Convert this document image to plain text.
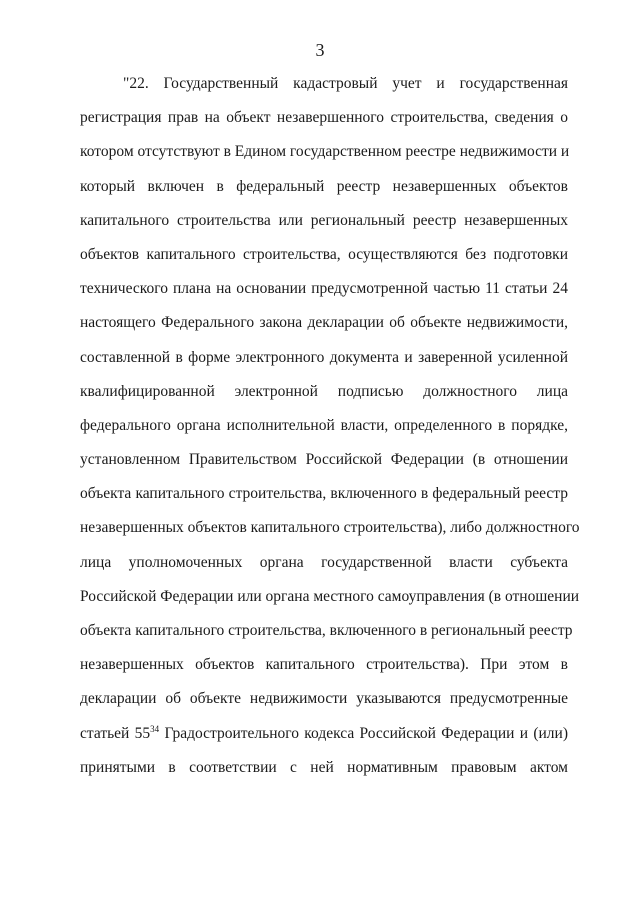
3
"22. Государственный кадастровый учет и государственная
регистрация прав на объект незавершенного строительства, сведения о
котором отсутствуют в Едином государственном реестре недвижимости и
который включен в федеральный реестр незавершенных объектов
капитального строительства или региональный реестр незавершенных
объектов капитального строительства, осуществляются без подготовки
технического плана на основании предусмотренной частью 11 статьи 24
настоящего Федерального закона декларации об объекте недвижимости,
составленной в форме электронного документа и заверенной усиленной
квалифицированной электронной подписью должностного лица
федерального органа исполнительной власти, определенного в порядке,
установленном Правительством Российской Федерации (в отношении
объекта капитального строительства, включенного в федеральный реестр
незавершенных объектов капитального строительства), либо должностного
лица уполномоченных органа государственной власти субъекта
Российской Федерации или органа местного самоуправления (в отношении
объекта капитального строительства, включенного в региональный реестр
незавершенных объектов капитального строительства). При этом в
декларации об объекте недвижимости указываются предусмотренные
статьей $55^{34}$ Градостроительного кодекса Российской Федерации и (или)
принятыми в соответствии с ней нормативным правовым актом
